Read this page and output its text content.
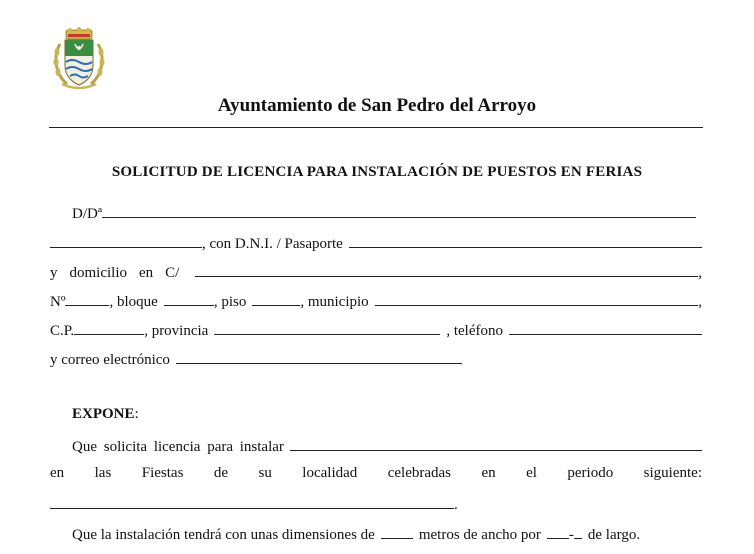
Ayuntamiento de San Pedro del Arroyo
SOLICITUD DE LICENCIA PARA INSTALACIÓN DE PUESTOS EN FERIAS
D/Dª
, con D.N.I. / Pasaporte
y domicilio en C/	,
Nº	, bloque	, piso	, municipio	,
C.P.	, provincia	, teléfono
y correo electrónico
EXPONE :
Que solicita licencia para instalar
en las Fiestas de su localidad celebradas en el periodo siguiente:
.
Que la instalación tendrá con unas dimensiones de	metros de ancho por - de largo.
